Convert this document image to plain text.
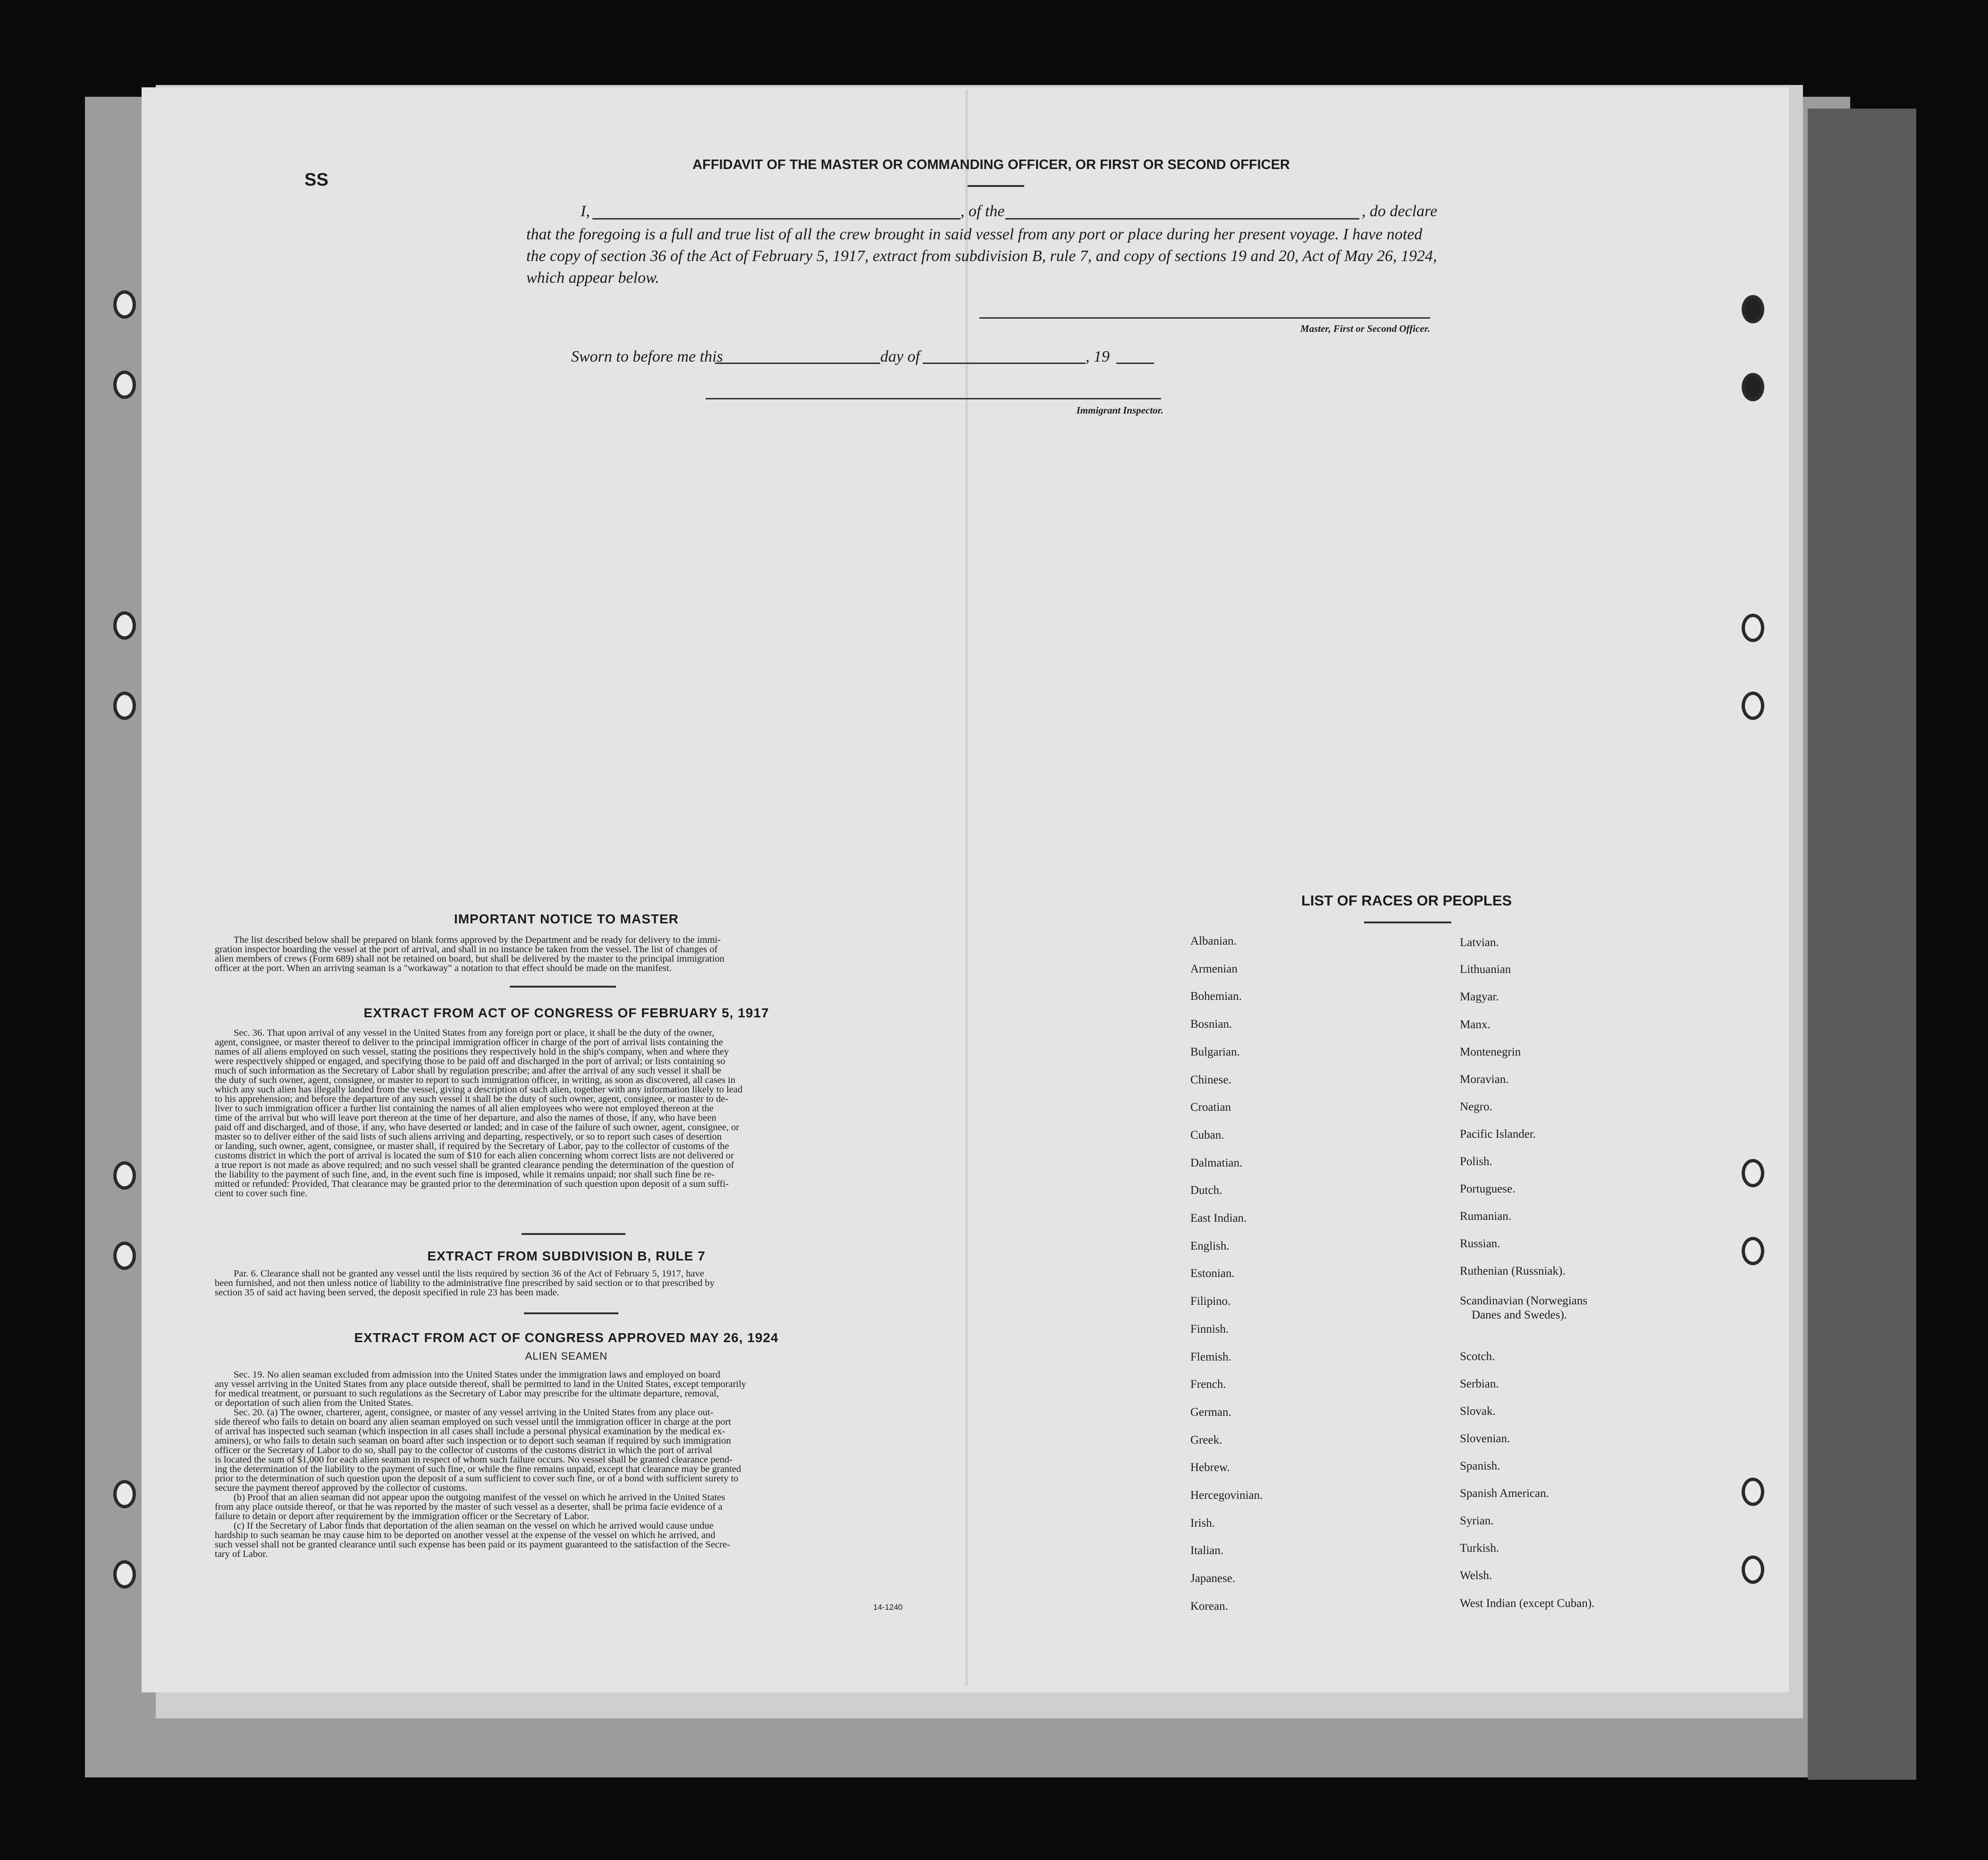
SS
AFFIDAVIT OF THE MASTER OR COMMANDING OFFICER, OR FIRST OR SECOND OFFICER
I,	, of the	, do declare
that the foregoing is a full and true list of all the crew brought in said vessel from any port or place during her present voyage. I have noted
the copy of section 36 of the Act of February 5, 1917, extract from subdivision B, rule 7, and copy of sections 19 and 20, Act of May 26, 1924,
which appear below.
Master, First or Second Officer.
Sworn to before me this	day of	, 19
Immigrant Inspector.
IMPORTANT NOTICE TO MASTER
The list described below shall be prepared on blank forms approved by the Department and be ready for delivery to the immi-
gration inspector boarding the vessel at the port of arrival, and shall in no instance be taken from the vessel. The list of changes of
alien members of crews (Form 689) shall not be retained on board, but shall be delivered by the master to the principal immigration
officer at the port. When an arriving seaman is a "workaway" a notation to that effect should be made on the manifest.
EXTRACT FROM ACT OF CONGRESS OF FEBRUARY 5, 1917
Sec. 36. That upon arrival of any vessel in the United States from any foreign port or place, it shall be the duty of the owner,
agent, consignee, or master thereof to deliver to the principal immigration officer in charge of the port of arrival lists containing the
names of all aliens employed on such vessel, stating the positions they respectively hold in the ship's company, when and where they
were respectively shipped or engaged, and specifying those to be paid off and discharged in the port of arrival; or lists containing so
much of such information as the Secretary of Labor shall by regulation prescribe; and after the arrival of any such vessel it shall be
the duty of such owner, agent, consignee, or master to report to such immigration officer, in writing, as soon as discovered, all cases in
which any such alien has illegally landed from the vessel, giving a description of such alien, together with any information likely to lead
to his apprehension; and before the departure of any such vessel it shall be the duty of such owner, agent, consignee, or master to de-
liver to such immigration officer a further list containing the names of all alien employees who were not employed thereon at the
time of the arrival but who will leave port thereon at the time of her departure, and also the names of those, if any, who have been
paid off and discharged, and of those, if any, who have deserted or landed; and in case of the failure of such owner, agent, consignee, or
master so to deliver either of the said lists of such aliens arriving and departing, respectively, or so to report such cases of desertion
or landing, such owner, agent, consignee, or master shall, if required by the Secretary of Labor, pay to the collector of customs of the
customs district in which the port of arrival is located the sum of $10 for each alien concerning whom correct lists are not delivered or
a true report is not made as above required; and no such vessel shall be granted clearance pending the determination of the question of
the liability to the payment of such fine, and, in the event such fine is imposed, while it remains unpaid; nor shall such fine be re-
mitted or refunded: Provided, That clearance may be granted prior to the determination of such question upon deposit of a sum suffi-
cient to cover such fine.
EXTRACT FROM SUBDIVISION B, RULE 7
Par. 6. Clearance shall not be granted any vessel until the lists required by section 36 of the Act of February 5, 1917, have
been furnished, and not then unless notice of liability to the administrative fine prescribed by said section or to that prescribed by
section 35 of said act having been served, the deposit specified in rule 23 has been made.
EXTRACT FROM ACT OF CONGRESS APPROVED MAY 26, 1924
ALIEN SEAMEN
Sec. 19. No alien seaman excluded from admission into the United States under the immigration laws and employed on board
any vessel arriving in the United States from any place outside thereof, shall be permitted to land in the United States, except temporarily
for medical treatment, or pursuant to such regulations as the Secretary of Labor may prescribe for the ultimate departure, removal,
or deportation of such alien from the United States.
Sec. 20. (a) The owner, charterer, agent, consignee, or master of any vessel arriving in the United States from any place out-
side thereof who fails to detain on board any alien seaman employed on such vessel until the immigration officer in charge at the port
of arrival has inspected such seaman (which inspection in all cases shall include a personal physical examination by the medical ex-
aminers), or who fails to detain such seaman on board after such inspection or to deport such seaman if required by such immigration
officer or the Secretary of Labor to do so, shall pay to the collector of customs of the customs district in which the port of arrival
is located the sum of $1,000 for each alien seaman in respect of whom such failure occurs. No vessel shall be granted clearance pend-
ing the determination of the liability to the payment of such fine, or while the fine remains unpaid, except that clearance may be granted
prior to the determination of such question upon the deposit of a sum sufficient to cover such fine, or of a bond with sufficient surety to
secure the payment thereof approved by the collector of customs.
(b) Proof that an alien seaman did not appear upon the outgoing manifest of the vessel on which he arrived in the United States
from any place outside thereof, or that he was reported by the master of such vessel as a deserter, shall be prima facie evidence of a
failure to detain or deport after requirement by the immigration officer or the Secretary of Labor.
(c) If the Secretary of Labor finds that deportation of the alien seaman on the vessel on which he arrived would cause undue
hardship to such seaman he may cause him to be deported on another vessel at the expense of the vessel on which he arrived, and
such vessel shall not be granted clearance until such expense has been paid or its payment guaranteed to the satisfaction of the Secre-
tary of Labor.
14-1240
LIST OF RACES OR PEOPLES
Albanian.
Armenian
Bohemian.
Bosnian.
Bulgarian.
Chinese.
Croatian
Cuban.
Dalmatian.
Dutch.
East Indian.
English.
Estonian.
Filipino.
Finnish.
Flemish.
French.
German.
Greek.
Hebrew.
Hercegovinian.
Irish.
Italian.
Japanese.
Korean.
Latvian.
Lithuanian
Magyar.
Manx.
Montenegrin
Moravian.
Negro.
Pacific Islander.
Polish.
Portuguese.
Rumanian.
Russian.
Ruthenian (Russniak).
Scandinavian (Norwegians
Danes and Swedes).
Scotch.
Serbian.
Slovak.
Slovenian.
Spanish.
Spanish American.
Syrian.
Turkish.
Welsh.
West Indian (except Cuban).
